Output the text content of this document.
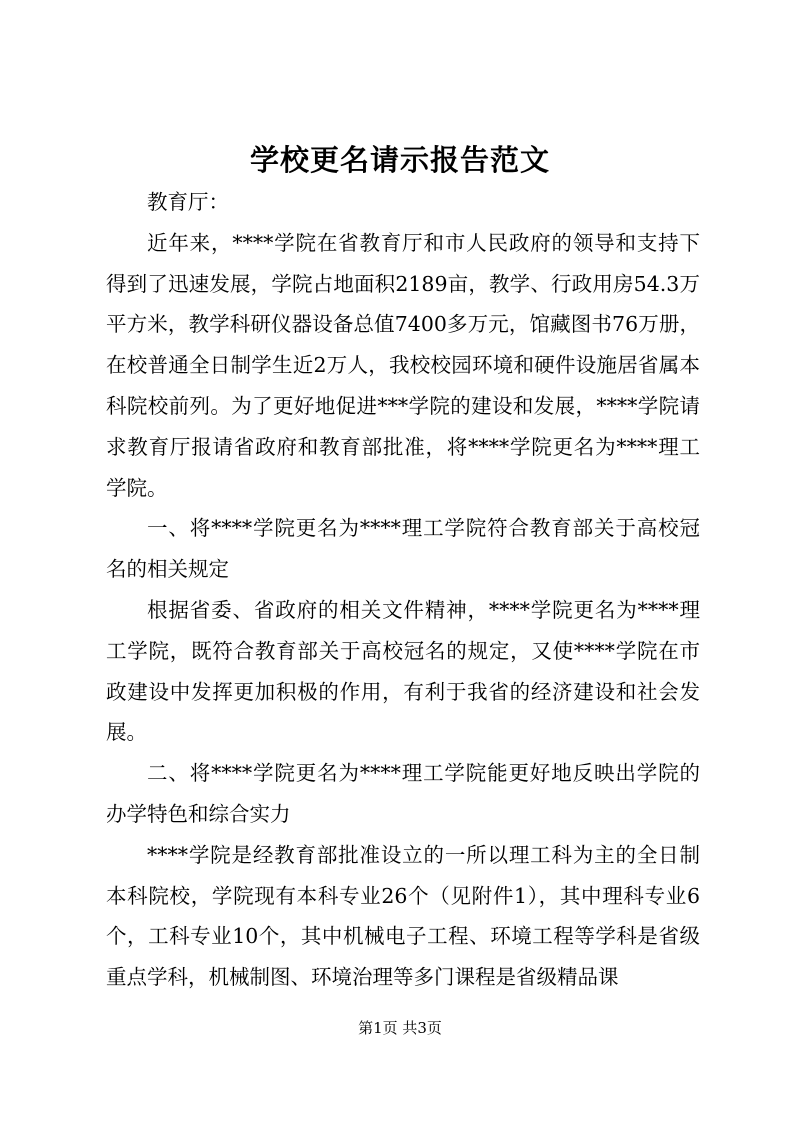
学校更名请示报告范文

教育厅：

近年来，****学院在省教育厅和市人民政府的领导和支持下得到了迅速发展，学院占地面积2189亩，教学、行政用房54.3万平方米，教学科研仪器设备总值7400多万元，馆藏图书76万册，在校普通全日制学生近2万人，我校校园环境和硬件设施居省属本科院校前列。为了更好地促进***学院的建设和发展，****学院请求教育厅报请省政府和教育部批准，将****学院更名为****理工学院。

一、将****学院更名为****理工学院符合教育部关于高校冠名的相关规定

根据省委、省政府的相关文件精神，****学院更名为****理工学院，既符合教育部关于高校冠名的规定，又使****学院在市政建设中发挥更加积极的作用，有利于我省的经济建设和社会发展。

二、将****学院更名为****理工学院能更好地反映出学院的办学特色和综合实力

****学院是经教育部批准设立的一所以理工科为主的全日制本科院校，学院现有本科专业26个（见附件1），其中理科专业6个，工科专业10个，其中机械电子工程、环境工程等学科是省级重点学科，机械制图、环境治理等多门课程是省级精品课

第1页 共3页
